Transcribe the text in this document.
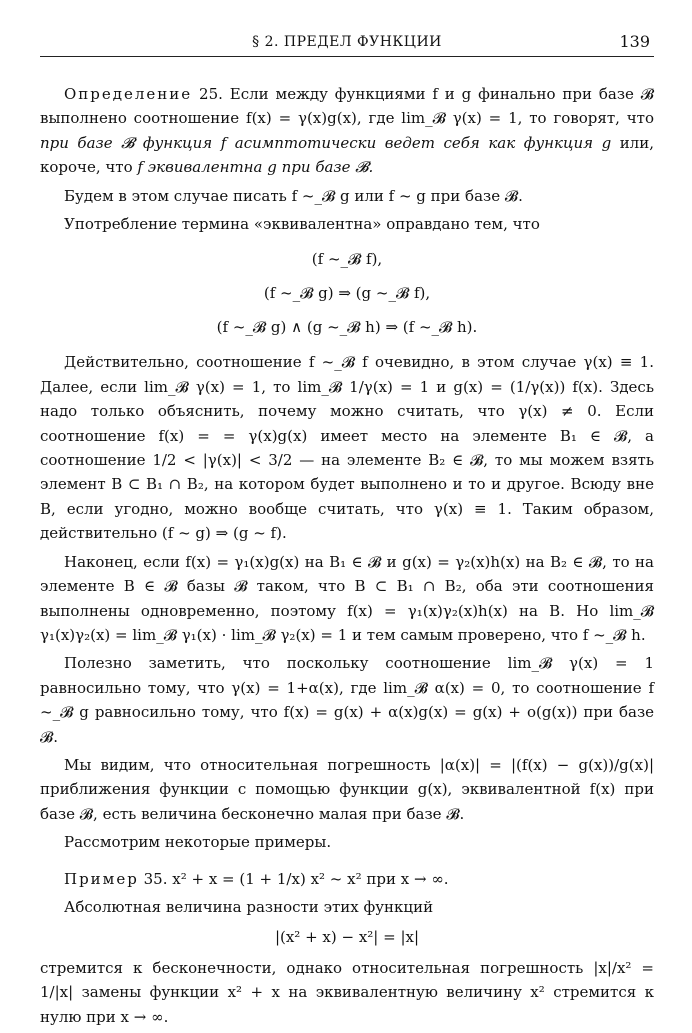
§ 2. ПРЕДЕЛ ФУНКЦИИ	139

Определение 25. Если между функциями f и g финально при базе 𝓑 выполнено соотношение f(x) = γ(x)g(x), где lim_𝓑 γ(x) = 1, то говорят, что при базе 𝓑 функция f асимптотически ведет себя как функция g или, короче, что f эквивалентна g при базе 𝓑.

Будем в этом случае писать f ~_𝓑 g или f ~ g при базе 𝓑.

Употребление термина «эквивалентна» оправдано тем, что

(f ~_𝓑 f),
(f ~_𝓑 g) ⇒ (g ~_𝓑 f),
(f ~_𝓑 g) ∧ (g ~_𝓑 h) ⇒ (f ~_𝓑 h).

Действительно, соотношение f ~_𝓑 f очевидно, в этом случае γ(x) ≡ 1. Далее, если lim_𝓑 γ(x) = 1, то lim_𝓑 1/γ(x) = 1 и g(x) = (1/γ(x)) f(x). Здесь надо только объяснить, почему можно считать, что γ(x) ≠ 0. Если соотношение f(x) = = γ(x)g(x) имеет место на элементе B₁ ∈ 𝓑, а соотношение 1/2 < |γ(x)| < 3/2 — на элементе B₂ ∈ 𝓑, то мы можем взять элемент B ⊂ B₁ ∩ B₂, на котором будет выполнено и то и другое. Всюду вне B, если угодно, можно вообще считать, что γ(x) ≡ 1. Таким образом, действительно (f ~ g) ⇒ (g ~ f).

Наконец, если f(x) = γ₁(x)g(x) на B₁ ∈ 𝓑 и g(x) = γ₂(x)h(x) на B₂ ∈ 𝓑, то на элементе B ∈ 𝓑 базы 𝓑 таком, что B ⊂ B₁ ∩ B₂, оба эти соотношения выполнены одновременно, поэтому f(x) = γ₁(x)γ₂(x)h(x) на B. Но lim_𝓑 γ₁(x)γ₂(x) = lim_𝓑 γ₁(x) · lim_𝓑 γ₂(x) = 1 и тем самым проверено, что f ~_𝓑 h.

Полезно заметить, что поскольку соотношение lim_𝓑 γ(x) = 1 равносильно тому, что γ(x) = 1+α(x), где lim_𝓑 α(x) = 0, то соотношение f ~_𝓑 g равносильно тому, что f(x) = g(x) + α(x)g(x) = g(x) + o(g(x)) при базе 𝓑.

Мы видим, что относительная погрешность |α(x)| = |(f(x) − g(x))/g(x)| приближения функции с помощью функции g(x), эквивалентной f(x) при базе 𝓑, есть величина бесконечно малая при базе 𝓑.

Рассмотрим некоторые примеры.

Пример 35. x² + x = (1 + 1/x) x² ~ x² при x → ∞.

Абсолютная величина разности этих функций

|(x² + x) − x²| = |x|

стремится к бесконечности, однако относительная погрешность |x|/x² = 1/|x| замены функции x² + x на эквивалентную величину x² стремится к нулю при x → ∞.
